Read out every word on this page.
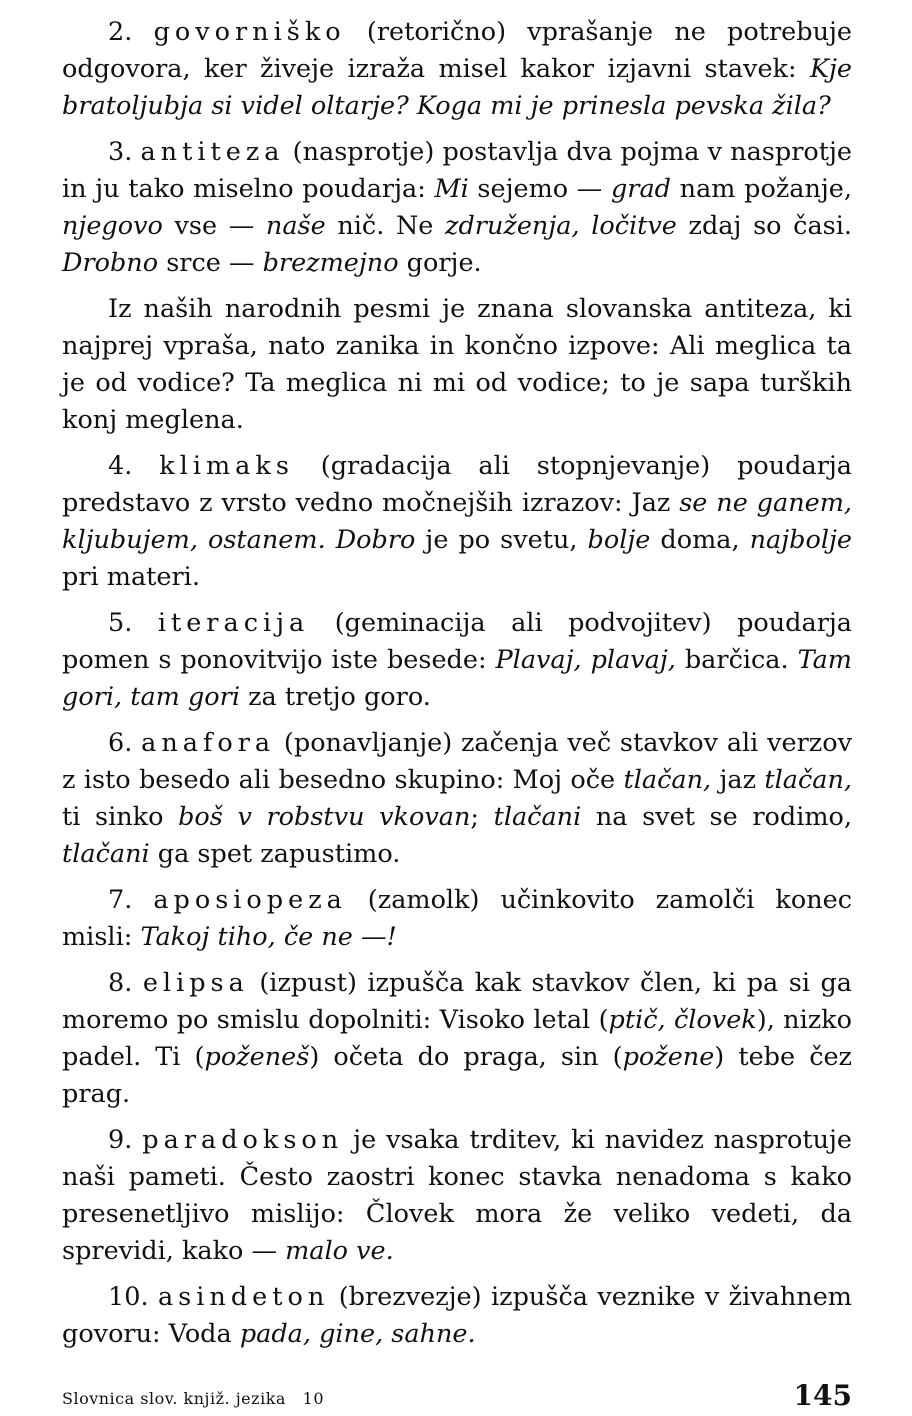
2. govorniško (retorično) vprašanje ne potrebuje odgovora, ker živeje izraža misel kakor izjavni stavek: Kje bratoljubja si videl oltarje? Koga mi je prinesla pevska žila?

3. antiteza (nasprotje) postavlja dva pojma v nasprotje in ju tako miselno poudarja: Mi sejemo — grad nam požanje, njegovo vse — naše nič. Ne združenja, ločitve zdaj so časi. Drobno srce — brezmejno gorje.

Iz naših narodnih pesmi je znana slovanska antiteza, ki najprej vpraša, nato zanika in končno izpove: Ali meglica ta je od vodice? Ta meglica ni mi od vodice; to je sapa turških konj meglena.

4. klimaks (gradacija ali stopnjevanje) poudarja predstavo z vrsto vedno močnejših izrazov: Jaz se ne ganem, kljubujem, ostanem. Dobro je po svetu, bolje doma, najbolje pri materi.

5. iteracija (geminacija ali podvojitev) poudarja pomen s ponovitvijo iste besede: Plavaj, plavaj, barčica. Tam gori, tam gori za tretjo goro.

6. anafora (ponavljanje) začenja več stavkov ali verzov z isto besedo ali besedno skupino: Moj oče tlačan, jaz tlačan, ti sinko boš v robstvu vkovan; tlačani na svet se rodimo, tlačani ga spet zapustimo.

7. aposiopeza (zamolk) učinkovito zamolči konec misli: Takoj tiho, če ne —!

8. elipsa (izpust) izpušča kak stavkov člen, ki pa si ga moremo po smislu dopolniti: Visoko letal (ptič, človek), nizko padel. Ti (poženeš) očeta do praga, sin (požene) tebe čez prag.

9. paradokson je vsaka trditev, ki navidez nasprotuje naši pameti. Često zaostri konec stavka nenadoma s kako presenetljivo mislijo: Človek mora že veliko vedeti, da sprevidi, kako — malo ve.

10. asindeton (brezvezje) izpušča veznike v živahnem govoru: Voda pada, gine, sahne.

Slovnica slov. knjiž. jezika   10	145
